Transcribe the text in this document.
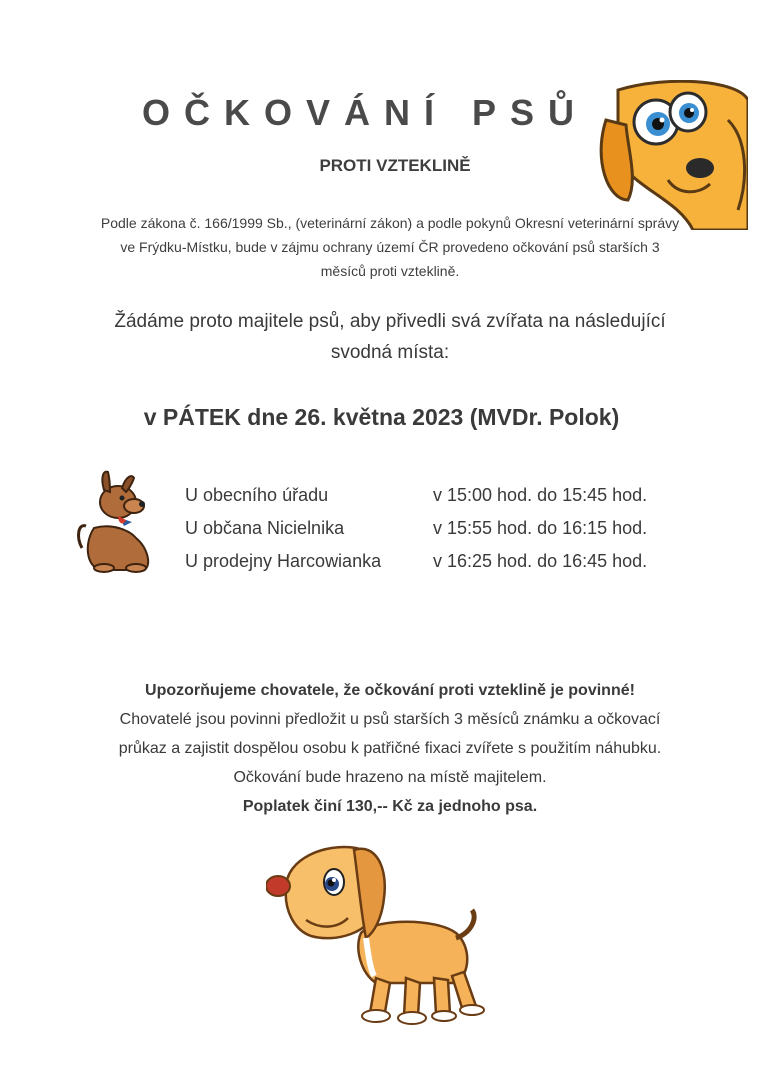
OČKOVÁNÍ PSŮ
PROTI VZTEKLINĚ
Podle zákona č. 166/1999 Sb., (veterinární zákon) a podle pokynů Okresní veterinární správy
ve Frýdku-Místku, bude v zájmu ochrany území ČR provedeno očkování psů starších 3
měsíců proti vzteklině.
Žádáme proto majitele psů, aby přivedli svá zvířata na následující
svodná místa:
v PÁTEK dne 26. května 2023 (MVDr. Polok)
U obecního úřadu	v 15:00 hod. do 15:45 hod.
U občana Nicielnika	v 15:55 hod. do 16:15 hod.
U prodejny Harcowianka	v 16:25 hod. do 16:45 hod.
Upozorňujeme chovatele, že očkování proti vzteklině je povinné!
Chovatelé jsou povinni předložit u psů starších 3 měsíců známku a očkovací
průkaz a zajistit dospělou osobu k patřičné fixaci zvířete s použitím náhubku.
Očkování bude hrazeno na místě majitelem.
Poplatek činí 130,-- Kč za jednoho psa.
